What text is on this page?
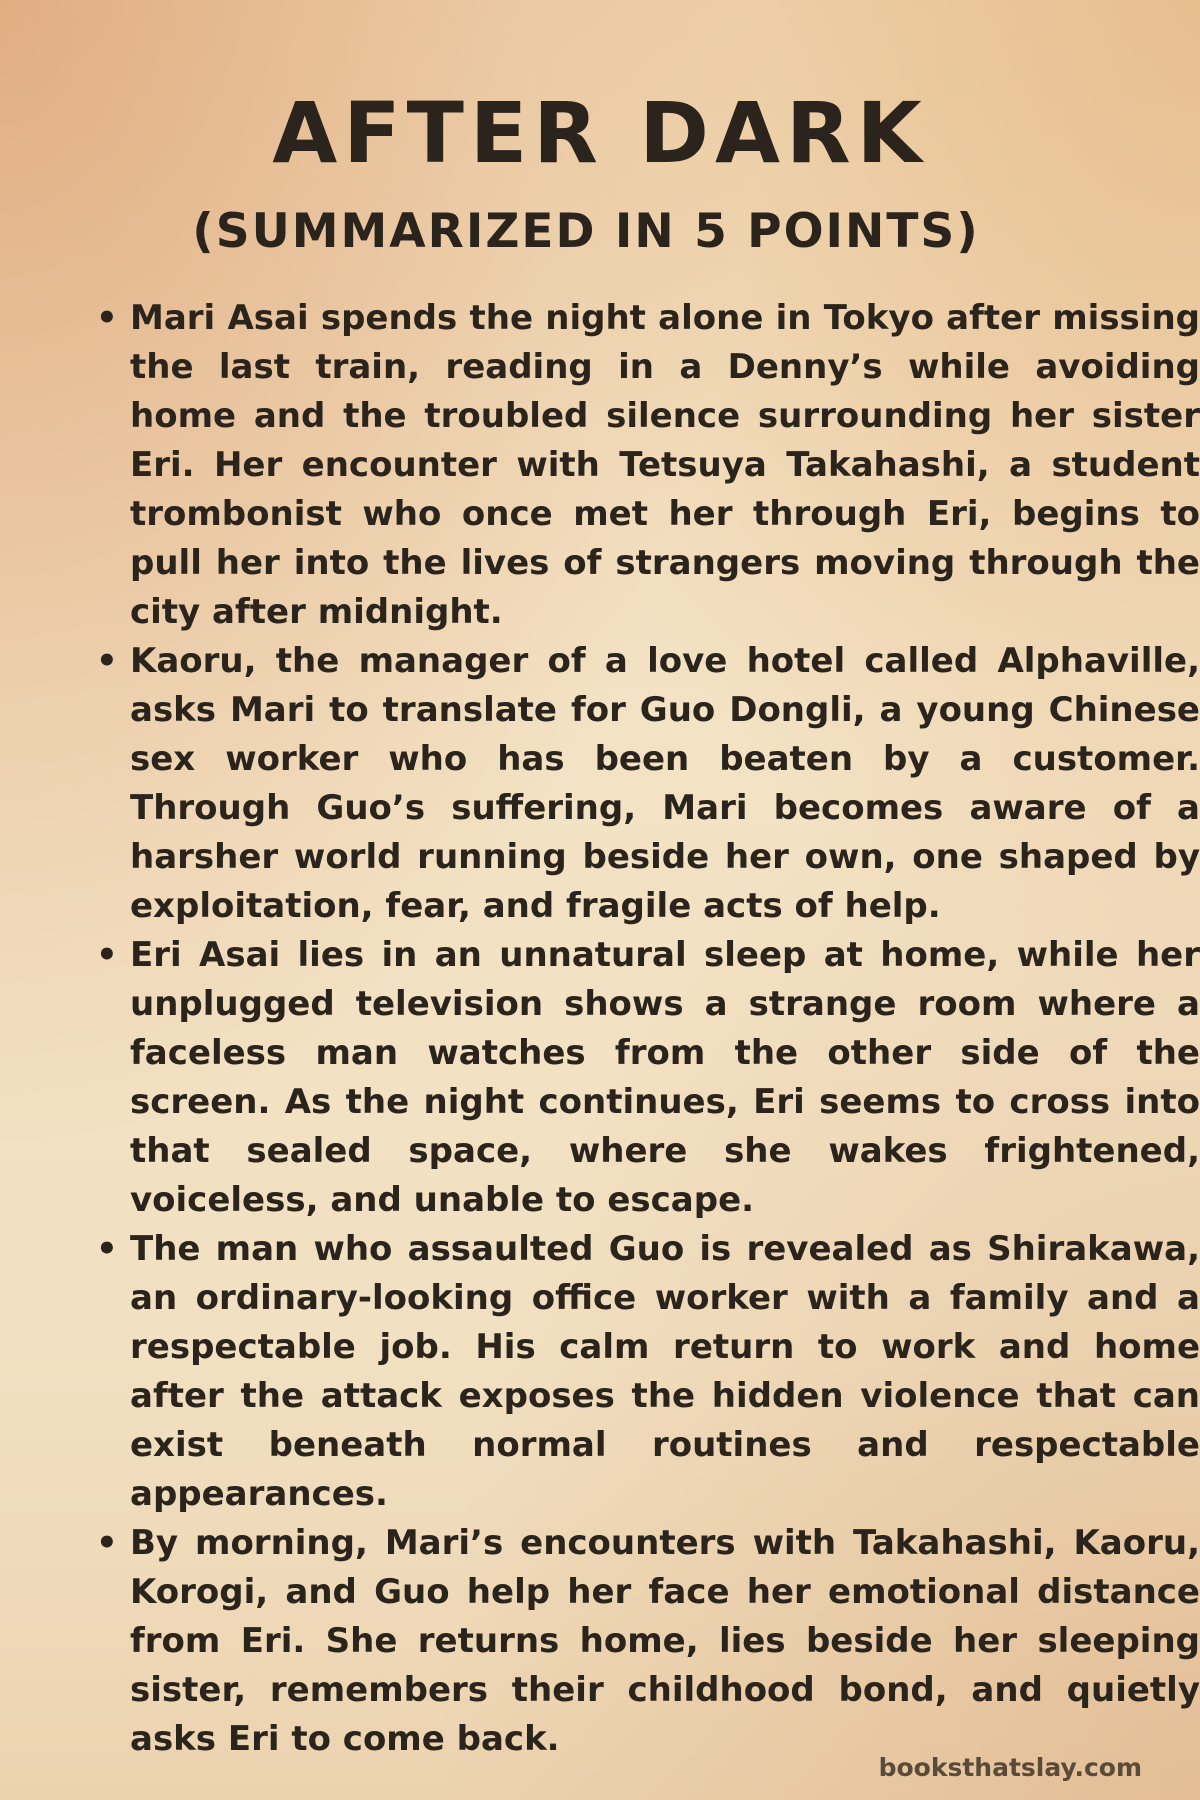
AFTER DARK
(SUMMARIZED IN 5 POINTS)
• Mari Asai spends the night alone in Tokyo after missing the last train, reading in a Denny’s while avoiding home and the troubled silence surrounding her sister Eri. Her encounter with Tetsuya Takahashi, a student trombonist who once met her through Eri, begins to pull her into the lives of strangers moving through the city after midnight.
• Kaoru, the manager of a love hotel called Alphaville, asks Mari to translate for Guo Dongli, a young Chinese sex worker who has been beaten by a customer. Through Guo’s suffering, Mari becomes aware of a harsher world running beside her own, one shaped by exploitation, fear, and fragile acts of help.
• Eri Asai lies in an unnatural sleep at home, while her unplugged television shows a strange room where a faceless man watches from the other side of the screen. As the night continues, Eri seems to cross into that sealed space, where she wakes frightened, voiceless, and unable to escape.
• The man who assaulted Guo is revealed as Shirakawa, an ordinary-looking office worker with a family and a respectable job. His calm return to work and home after the attack exposes the hidden violence that can exist beneath normal routines and respectable appearances.
• By morning, Mari’s encounters with Takahashi, Kaoru, Korogi, and Guo help her face her emotional distance from Eri. She returns home, lies beside her sleeping sister, remembers their childhood bond, and quietly asks Eri to come back.
booksthatslay.com
